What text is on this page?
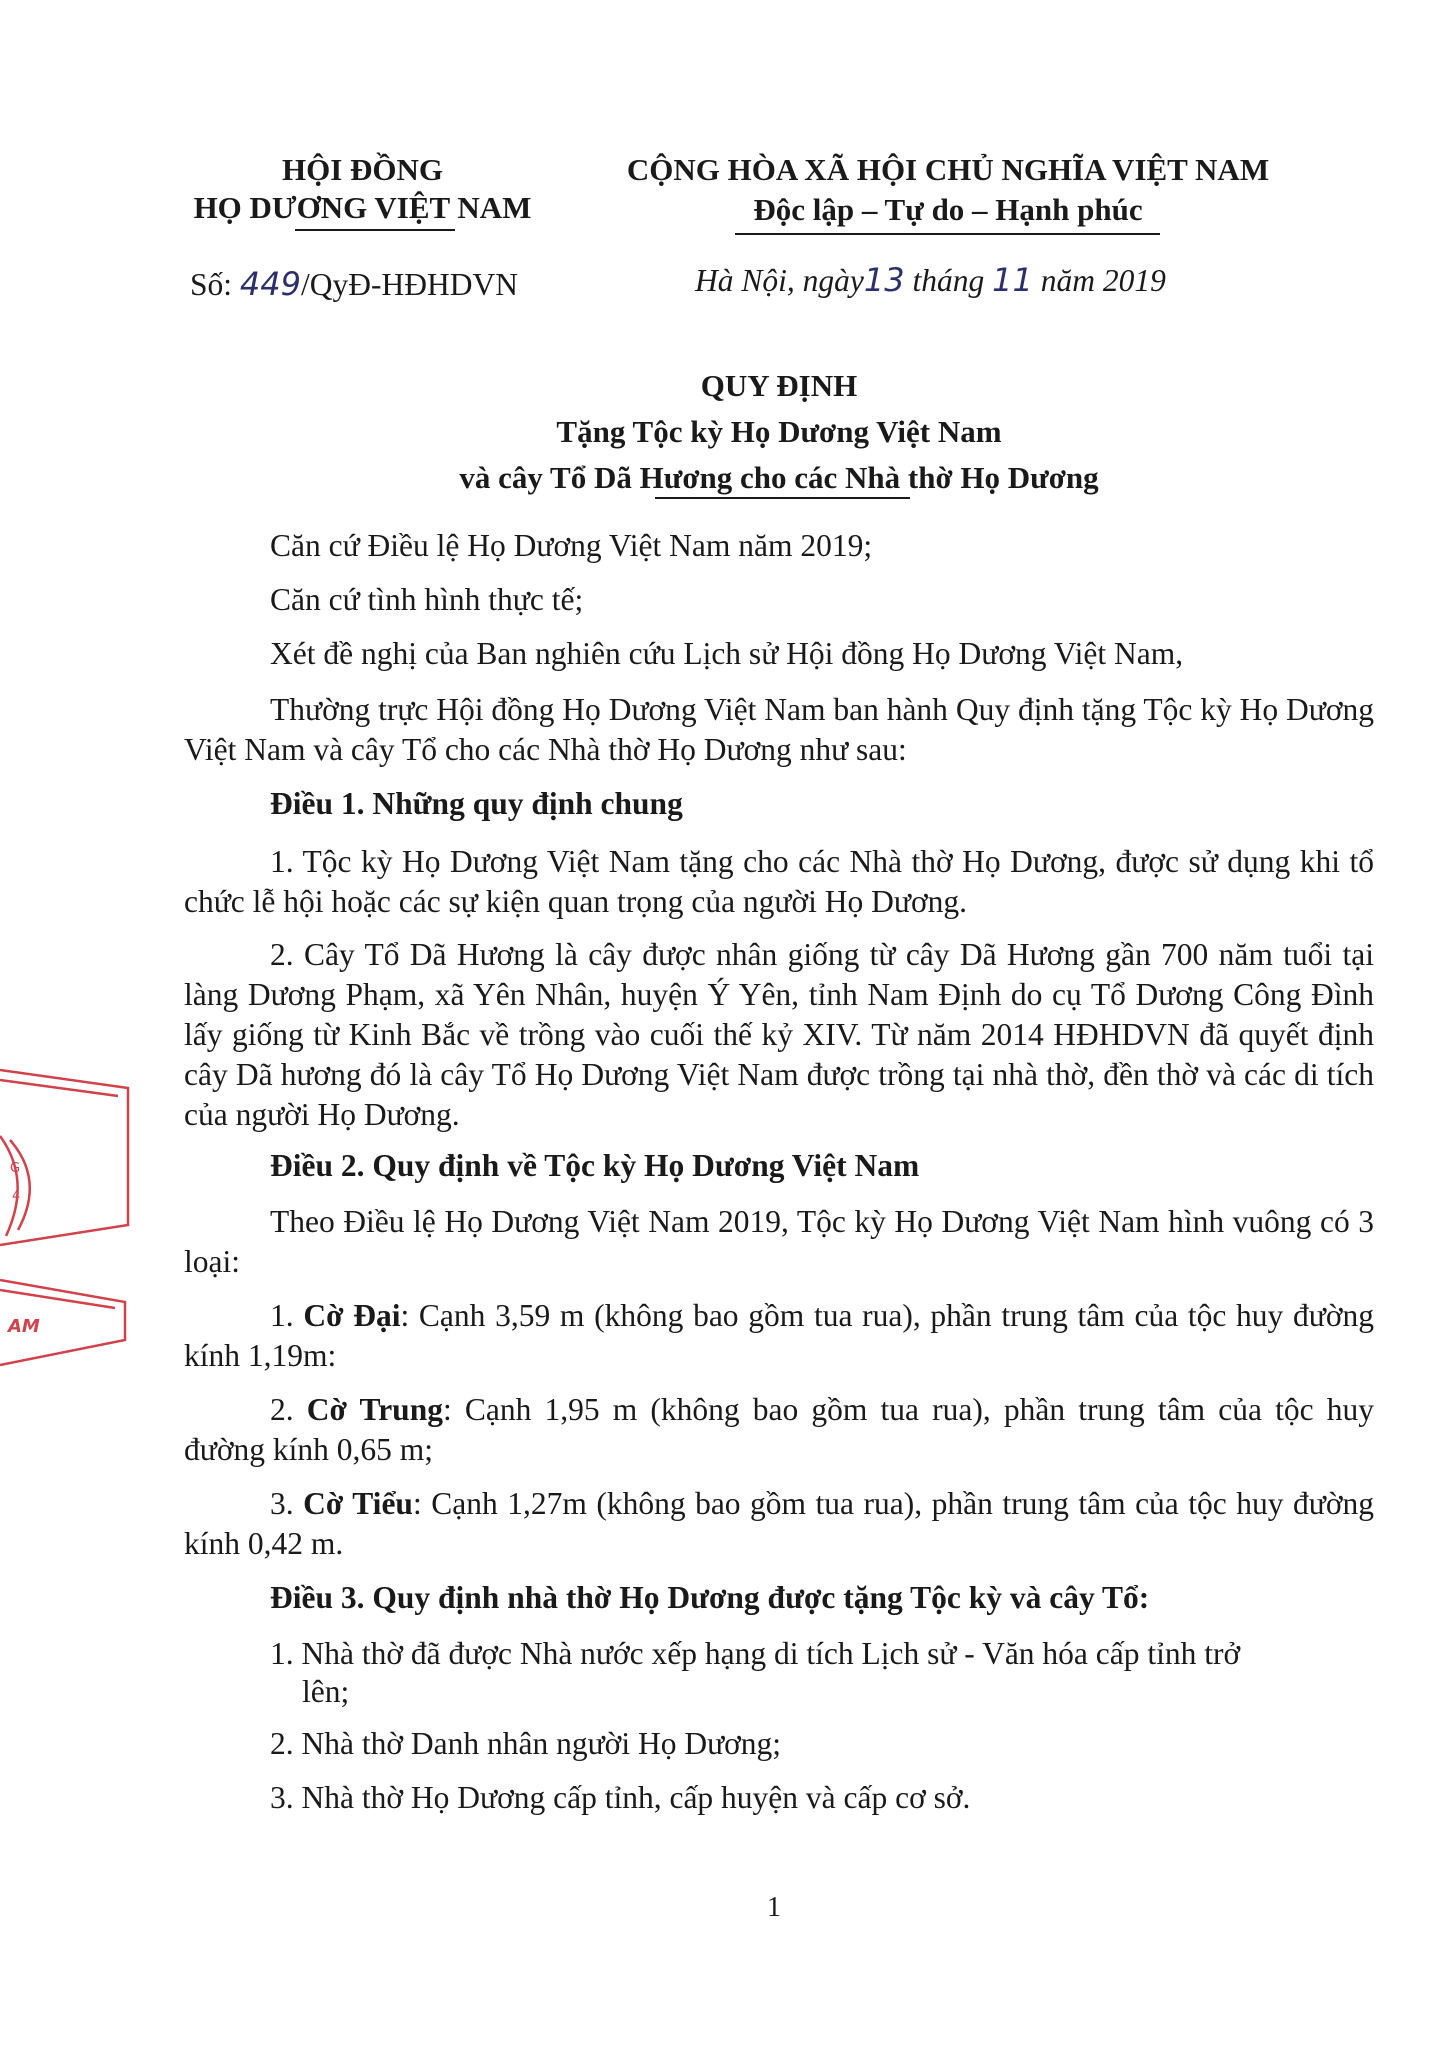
HỘI ĐỒNG
HỌ DƯƠNG VIỆT NAM
Số: 449/QyĐ-HĐHDVN
CỘNG HÒA XÃ HỘI CHỦ NGHĨA VIỆT NAM
Độc lập – Tự do – Hạnh phúc
Hà Nội, ngày13 tháng 11 năm 2019
QUY ĐỊNH
Tặng Tộc kỳ Họ Dương Việt Nam
và cây Tổ Dã Hương cho các Nhà thờ Họ Dương
Căn cứ Điều lệ Họ Dương Việt Nam năm 2019;
Căn cứ tình hình thực tế;
Xét đề nghị của Ban nghiên cứu Lịch sử Hội đồng Họ Dương Việt Nam,
Thường trực Hội đồng Họ Dương Việt Nam ban hành Quy định tặng Tộc kỳ Họ Dương Việt Nam và cây Tổ cho các Nhà thờ Họ Dương như sau:
Điều 1. Những quy định chung
1. Tộc kỳ Họ Dương Việt Nam tặng cho các Nhà thờ Họ Dương, được sử dụng khi tổ chức lễ hội hoặc các sự kiện quan trọng của người Họ Dương.
2. Cây Tổ Dã Hương là cây được nhân giống từ cây Dã Hương gần 700 năm tuổi tại làng Dương Phạm, xã Yên Nhân, huyện Ý Yên, tỉnh Nam Định do cụ Tổ Dương Công Đình lấy giống từ Kinh Bắc về trồng vào cuối thế kỷ XIV. Từ năm 2014 HĐHDVN đã quyết định cây Dã hương đó là cây Tổ Họ Dương Việt Nam được trồng tại nhà thờ, đền thờ và các di tích của người Họ Dương.
Điều 2. Quy định về Tộc kỳ Họ Dương Việt Nam
Theo Điều lệ Họ Dương Việt Nam 2019, Tộc kỳ Họ Dương Việt Nam hình vuông có 3 loại:
1. Cờ Đại: Cạnh 3,59 m (không bao gồm tua rua), phần trung tâm của tộc huy đường kính 1,19m:
2. Cờ Trung: Cạnh 1,95 m (không bao gồm tua rua), phần trung tâm của tộc huy đường kính 0,65 m;
3. Cờ Tiểu: Cạnh 1,27m (không bao gồm tua rua), phần trung tâm của tộc huy đường kính 0,42 m.
Điều 3. Quy định nhà thờ Họ Dương được tặng Tộc kỳ và cây Tổ:
1. Nhà thờ đã được Nhà nước xếp hạng di tích Lịch sử - Văn hóa cấp tỉnh trở
lên;
2. Nhà thờ Danh nhân người Họ Dương;
3. Nhà thờ Họ Dương cấp tỉnh, cấp huyện và cấp cơ sở.
1
G
4
AM
